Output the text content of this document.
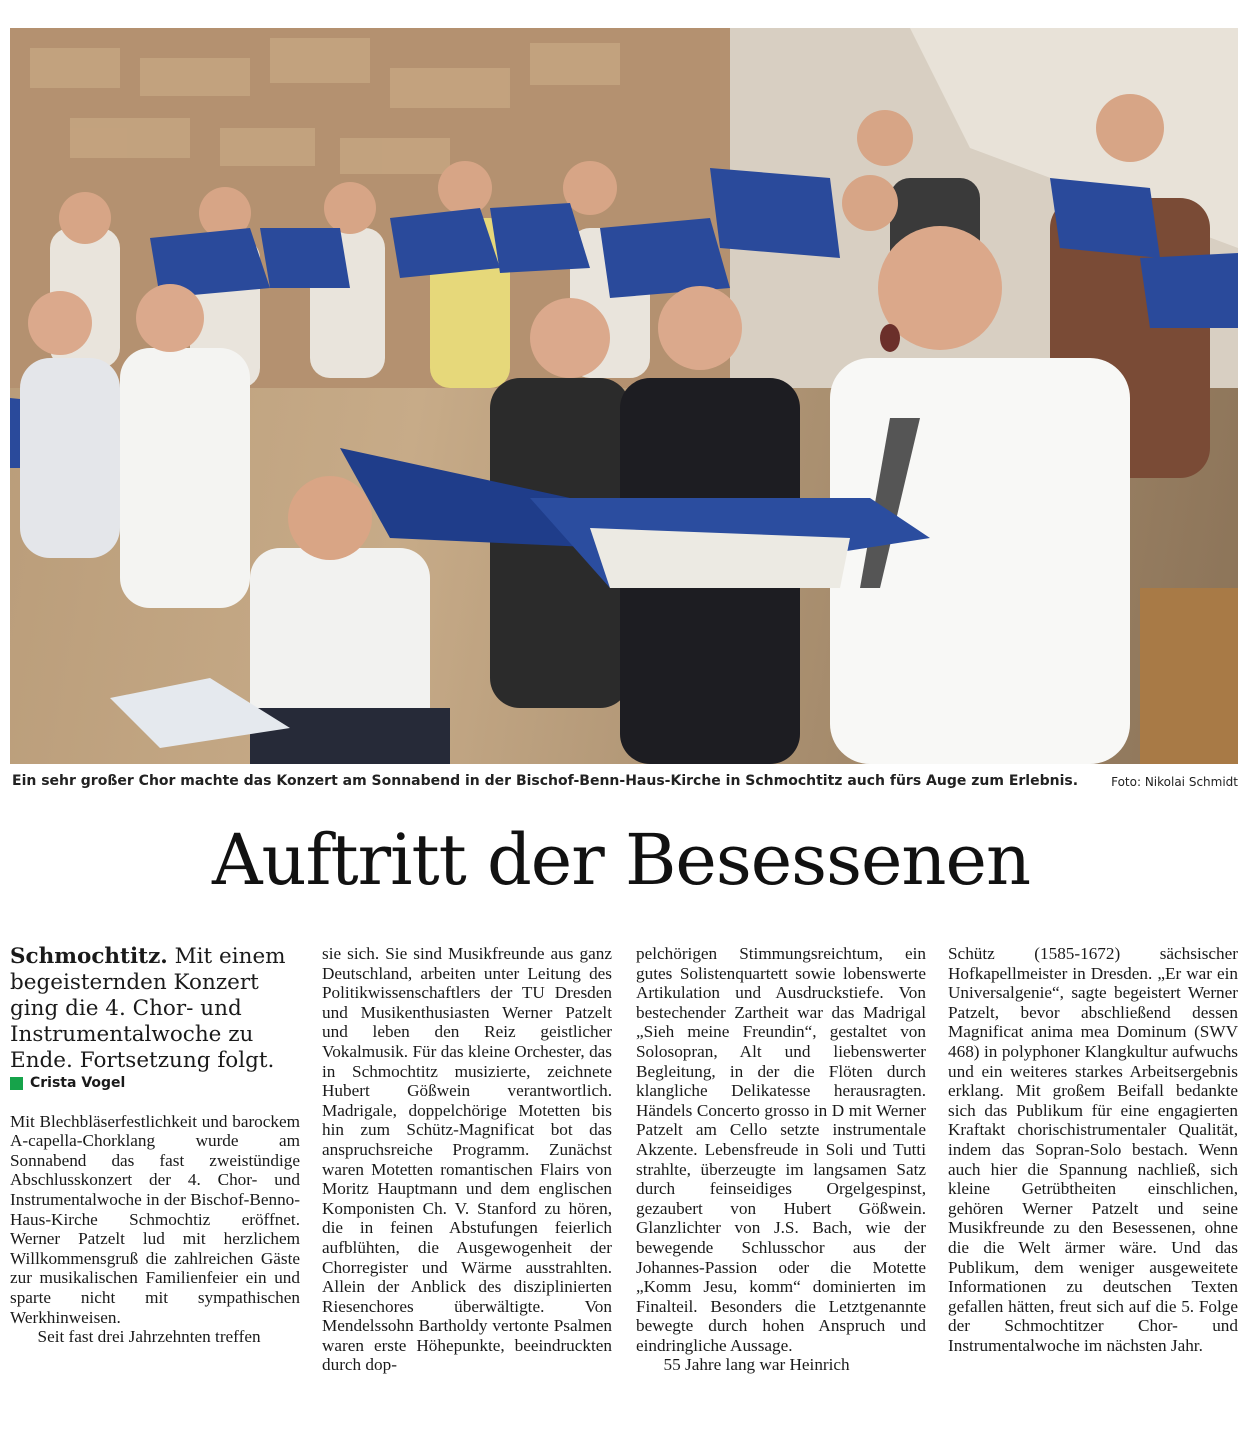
Ein sehr großer Chor machte das Konzert am Sonnabend in der Bischof-Benn-Haus-Kirche in Schmochtitz auch fürs Auge zum Erlebnis.	Foto: Nikolai Schmidt
Auftritt der Besessenen

Schmochtitz. Mit einem begeisternden Konzert ging die 4. Chor- und Instrumentalwoche zu Ende. Fortsetzung folgt.

Crista Vogel

Mit Blechbläserfestlichkeit und barockem A-capella-Chorklang wurde am Sonnabend das fast zweistündige Abschlusskonzert der 4. Chor- und Instrumentalwoche in der Bischof-Benno-Haus-Kirche Schmochtiz eröffnet. Werner Patzelt lud mit herzlichem Willkommensgruß die zahlreichen Gäste zur musikalischen Familienfeier ein und sparte nicht mit sympathischen Werkhinweisen.

Seit fast drei Jahrzehnten treffen

sie sich. Sie sind Musikfreunde aus ganz Deutschland, arbeiten unter Leitung des Politikwissenschaftlers der TU Dresden und Musikenthusiasten Werner Patzelt und leben den Reiz geistlicher Vokalmusik. Für das kleine Orchester, das in Schmochtitz musizierte, zeichnete Hubert Gößwein verantwortlich. Madrigale, doppelchörige Motetten bis hin zum Schütz-Magnificat bot das anspruchsreiche Programm. Zunächst waren Motetten romantischen Flairs von Moritz Hauptmann und dem englischen Komponisten Ch. V. Stanford zu hören, die in feinen Abstufungen feierlich aufblühten, die Ausgewogenheit der Chorregister und Wärme ausstrahlten. Allein der Anblick des disziplinierten Riesenchores überwältigte. Von Mendelssohn Bartholdy vertonte Psalmen waren erste Höhepunkte, beeindruckten durch dop-

pelchörigen Stimmungsreichtum, ein gutes Solistenquartett sowie lobenswerte Artikulation und Ausdruckstiefe. Von bestechender Zartheit war das Madrigal „Sieh meine Freundin“, gestaltet von Solosopran, Alt und liebenswerter Begleitung, in der die Flöten durch klangliche Delikatesse herausragten. Händels Concerto grosso in D mit Werner Patzelt am Cello setzte instrumentale Akzente. Lebensfreude in Soli und Tutti strahlte, überzeugte im langsamen Satz durch feinseidiges Orgelgespinst, gezaubert von Hubert Gößwein. Glanzlichter von J.S. Bach, wie der bewegende Schlusschor aus der Johannes-Passion oder die Motette „Komm Jesu, komm“ dominierten im Finalteil. Besonders die Letztgenannte bewegte durch hohen Anspruch und eindringliche Aussage.

55 Jahre lang war Heinrich

Schütz (1585-1672) sächsischer Hofkapellmeister in Dresden. „Er war ein Universalgenie“, sagte begeistert Werner Patzelt, bevor abschließend dessen Magnificat anima mea Dominum (SWV 468) in polyphoner Klangkultur aufwuchs und ein weiteres starkes Arbeitsergebnis erklang. Mit großem Beifall bedankte sich das Publikum für eine engagierten Kraftakt chorischistrumentaler Qualität, indem das Sopran-Solo bestach. Wenn auch hier die Spannung nachließ, sich kleine Getrübtheiten einschlichen, gehören Werner Patzelt und seine Musikfreunde zu den Besessenen, ohne die die Welt ärmer wäre. Und das Publikum, dem weniger ausgeweitete Informationen zu deutschen Texten gefallen hätten, freut sich auf die 5. Folge der Schmochtitzer Chor- und Instrumentalwoche im nächsten Jahr.
